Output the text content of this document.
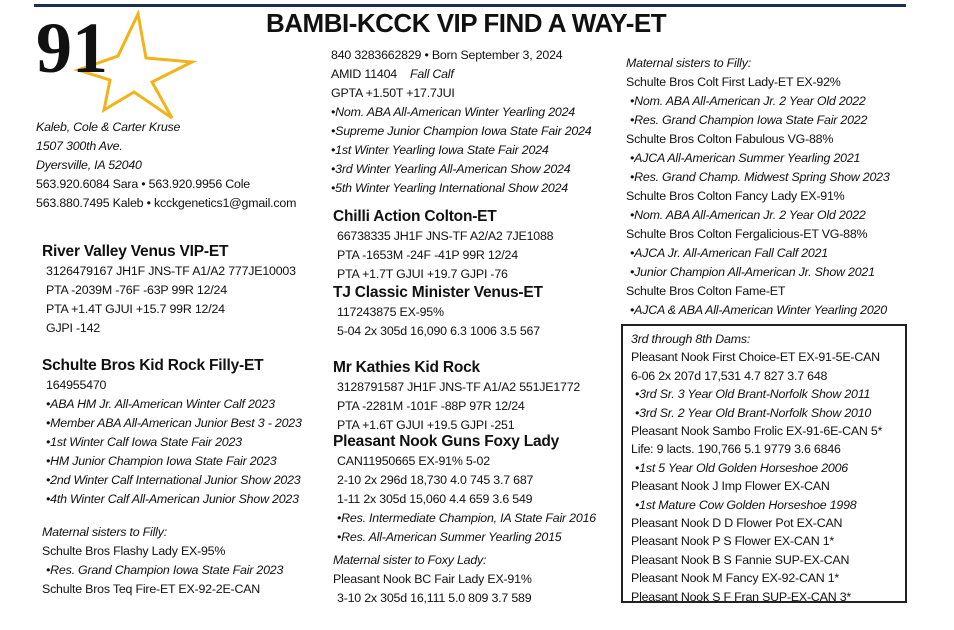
91	BAMBI-KCCK VIP FIND A WAY-ET
Kaleb, Cole & Carter Kruse
1507 300th Ave.
Dyersville, IA 52040
563.920.6084 Sara • 563.920.9956 Cole
563.880.7495 Kaleb • kcckgenetics1@gmail.com
River Valley Venus VIP-ET
3126479167 JH1F JNS-TF A1/A2 777JE10003
PTA -2039M -76F -63P 99R 12/24
PTA +1.4T GJUI +15.7 99R 12/24
GJPI -142
Schulte Bros Kid Rock Filly-ET
164955470
•ABA HM Jr. All-American Winter Calf 2023
•Member ABA All-American Junior Best 3 - 2023
•1st Winter Calf Iowa State Fair 2023
•HM Junior Champion Iowa State Fair 2023
•2nd Winter Calf International Junior Show 2023
•4th Winter Calf All-American Junior Show 2023
Maternal sisters to Filly:
Schulte Bros Flashy Lady EX-95%
•Res. Grand Champion Iowa State Fair 2023
Schulte Bros Teq Fire-ET EX-92-2E-CAN
840 3283662829 • Born September 3, 2024
AMID 11404 Fall Calf
GPTA +1.50T +17.7JUI
•Nom. ABA All-American Winter Yearling 2024
•Supreme Junior Champion Iowa State Fair 2024
•1st Winter Yearling Iowa State Fair 2024
•3rd Winter Yearling All-American Show 2024
•5th Winter Yearling International Show 2024
Chilli Action Colton-ET
66738335 JH1F JNS-TF A2/A2 7JE1088
PTA -1653M -24F -41P 99R 12/24
PTA +1.7T GJUI +19.7 GJPI -76
TJ Classic Minister Venus-ET
117243875 EX-95%
5-04 2x 305d 16,090 6.3 1006 3.5 567
Mr Kathies Kid Rock
3128791587 JH1F JNS-TF A1/A2 551JE1772
PTA -2281M -101F -88P 97R 12/24
PTA +1.6T GJUI +19.5 GJPI -251
Pleasant Nook Guns Foxy Lady
CAN11950665 EX-91% 5-02
2-10 2x 296d 18,730 4.0 745 3.7 687
1-11 2x 305d 15,060 4.4 659 3.6 549
•Res. Intermediate Champion, IA State Fair 2016
•Res. All-American Summer Yearling 2015
Maternal sister to Foxy Lady:
Pleasant Nook BC Fair Lady EX-91%
3-10 2x 305d 16,111 5.0 809 3.7 589
Maternal sisters to Filly:
Schulte Bros Colt First Lady-ET EX-92%
•Nom. ABA All-American Jr. 2 Year Old 2022
•Res. Grand Champion Iowa State Fair 2022
Schulte Bros Colton Fabulous VG-88%
•AJCA All-American Summer Yearling 2021
•Res. Grand Champ. Midwest Spring Show 2023
Schulte Bros Colton Fancy Lady EX-91%
•Nom. ABA All-American Jr. 2 Year Old 2022
Schulte Bros Colton Fergalicious-ET VG-88%
•AJCA Jr. All-American Fall Calf 2021
•Junior Champion All-American Jr. Show 2021
Schulte Bros Colton Fame-ET
•AJCA & ABA All-American Winter Yearling 2020
3rd through 8th Dams:
Pleasant Nook First Choice-ET EX-91-5E-CAN
6-06 2x 207d 17,531 4.7 827 3.7 648
•3rd Sr. 3 Year Old Brant-Norfolk Show 2011
•3rd Sr. 2 Year Old Brant-Norfolk Show 2010
Pleasant Nook Sambo Frolic EX-91-6E-CAN 5*
Life: 9 lacts. 190,766 5.1 9779 3.6 6846
•1st 5 Year Old Golden Horseshoe 2006
Pleasant Nook J Imp Flower EX-CAN
•1st Mature Cow Golden Horseshoe 1998
Pleasant Nook D D Flower Pot EX-CAN
Pleasant Nook P S Flower EX-CAN 1*
Pleasant Nook B S Fannie SUP-EX-CAN
Pleasant Nook M Fancy EX-92-CAN 1*
Pleasant Nook S F Fran SUP-EX-CAN 3*
